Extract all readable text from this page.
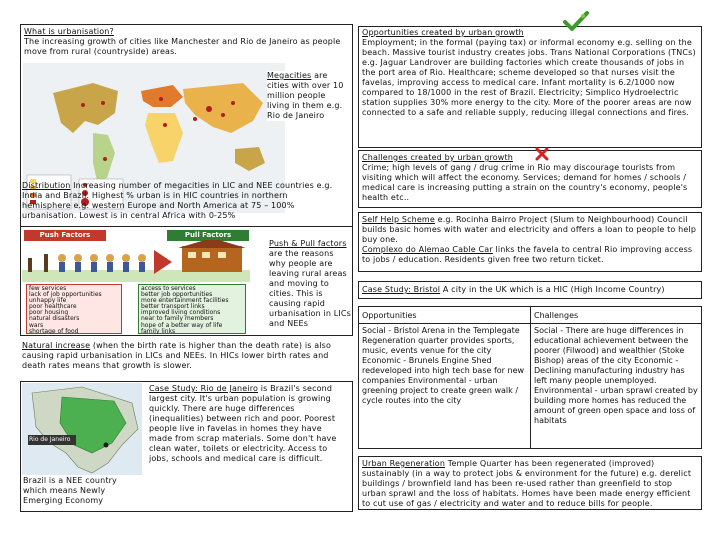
What is urbanisation?
The increasing growth of cities like Manchester and Rio de Janeiro as people move from rural (countryside) areas.
Megacities are cities with over 10 million people living in them e.g. Rio de Janeiro
Distribution Increasing number of megacities in LIC and NEE countries e.g. India and Brazil. Highest % urban is in HIC countries in northern hemisphere e.g. western Europe and North America at 75 – 100% urbanisation. Lowest is in central Africa with 0-25%
Push Factors	Pull Factors
few services
lack of job opportunities
unhappy life
poor healthcare
poor housing
natural disasters
wars
shortage of food
access to services
better job opportunities
more entertainment facilities
better transport links
improved living conditions
near to family members
hope of a better way of life
family links
Push & Pull factors are the reasons why people are leaving rural areas and moving to cities. This is causing rapid urbanisation in LICs and NEEs
Natural increase (when the birth rate is higher than the death rate) is also causing rapid urbanisation in LICs and NEEs. In HICs lower birth rates and death rates means that growth is slower.
Rio de Janeiro
Brazil is a NEE country which means Newly Emerging Economy
Case Study: Rio de Janeiro is Brazil's second largest city. It's urban population is growing quickly. There are huge differences (inequalities) between rich and poor. Poorest people live in favelas in homes they have made from scrap materials. Some don't have clean water, toilets or electricity. Access to jobs, schools and medical care is difficult.
Opportunities created by urban growth
Employment; in the formal (paying tax) or informal economy e.g. selling on the beach. Massive tourist industry creates jobs. Trans National Corporations (TNCs) e.g. Jaguar Landrover are building factories which create thousands of jobs in the port area of Rio. Healthcare; scheme developed so that nurses visit the favelas, improving access to medical care. Infant mortality is 6.2/1000 now compared to 18/1000 in the rest of Brazil. Electricity; Simplico Hydroelectric station supplies 30% more energy to the city. More of the poorer areas are now connected to a safe and reliable supply, reducing illegal connections and fires.
Challenges created by urban growth
Crime; high levels of gang / drug crime in Rio may discourage tourists from visiting which will affect the economy. Services; demand for homes / schools / medical care is increasing putting a strain on the country's economy, people's health etc..
Self Help Scheme e.g. Rocinha Bairro Project (Slum to Neighbourhood) Council builds basic homes with water and electricity and offers a loan to people to help buy one.
Complexo do Alemao Cable Car links the favela to central Rio improving access to jobs / education. Residents given free two return ticket.
Case Study: Bristol A city in the UK which is a HIC (High Income Country)
Opportunities	Challenges
Social - Bristol Arena in the Templegate Regeneration quarter provides sports, music, events venue for the city Economic - Brunels Engine Shed redeveloped into high tech base for new companies Environmental - urban greening project to create green walk / cycle routes into the city
Social - There are huge differences in educational achievement between the poorer (Filwood) and wealthier (Stoke Bishop) areas of the city Economic - Declining manufacturing industry has left many people unemployed. Environmental - urban sprawl created by building more homes has reduced the amount of green open space and loss of habitats
Urban Regeneration Temple Quarter has been regenerated (improved) sustainably (in a way to protect jobs & environment for the future) e.g. derelict buildings / brownfield land has been re-used rather than greenfield to stop urban sprawl and the loss of habitats. Homes have been made energy efficient to cut use of gas / electricity and water and to reduce bills for people.
